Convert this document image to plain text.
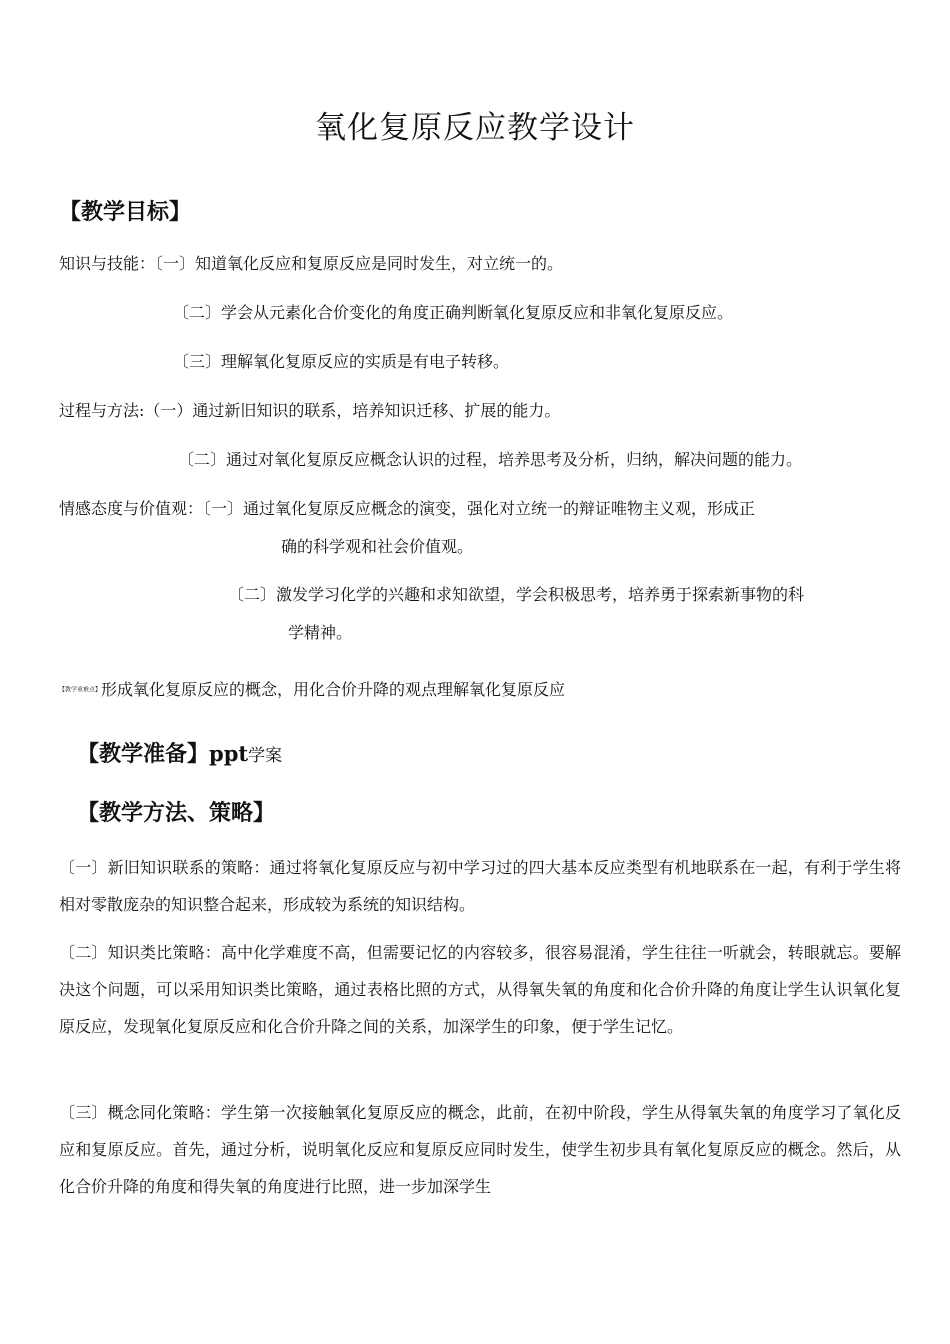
氧化复原反应教学设计
【教学目标】
知识与技能：〔一〕知道氧化反应和复原反应是同时发生，对立统一的。
〔二〕学会从元素化合价变化的角度正确判断氧化复原反应和非氧化复原反应。
〔三〕理解氧化复原反应的实质是有电子转移。
过程与方法:（一）通过新旧知识的联系，培养知识迁移、扩展的能力。
〔二〕通过对氧化复原反应概念认识的过程，培养思考及分析，归纳，解决问题的能力。
情感态度与价值观：〔一〕通过氧化复原反应概念的演变，强化对立统一的辩证唯物主义观，形成正
确的科学观和社会价值观。
〔二〕激发学习化学的兴趣和求知欲望，学会积极思考，培养勇于探索新事物的科
学精神。
【教学重难点】形成氧化复原反应的概念，用化合价升降的观点理解氧化复原反应
【教学准备】ppt学案
【教学方法、策略】

〔一〕新旧知识联系的策略：通过将氧化复原反应与初中学习过的四大基本反应类型有机地联系在一起，有利于学生将相对零散庞杂的知识整合起来，形成较为系统的知识结构。

〔二〕知识类比策略：高中化学难度不高，但需要记忆的内容较多，很容易混淆，学生往往一听就会，转眼就忘。要解决这个问题，可以采用知识类比策略，通过表格比照的方式，从得氧失氧的角度和化合价升降的角度让学生认识氧化复原反应，发现氧化复原反应和化合价升降之间的关系，加深学生的印象，便于学生记忆。

〔三〕概念同化策略：学生第一次接触氧化复原反应的概念，此前，在初中阶段，学生从得氧失氧的角度学习了氧化反应和复原反应。首先，通过分析，说明氧化反应和复原反应同时发生，使学生初步具有氧化复原反应的概念。然后，从化合价升降的角度和得失氧的角度进行比照，进一步加深学生
